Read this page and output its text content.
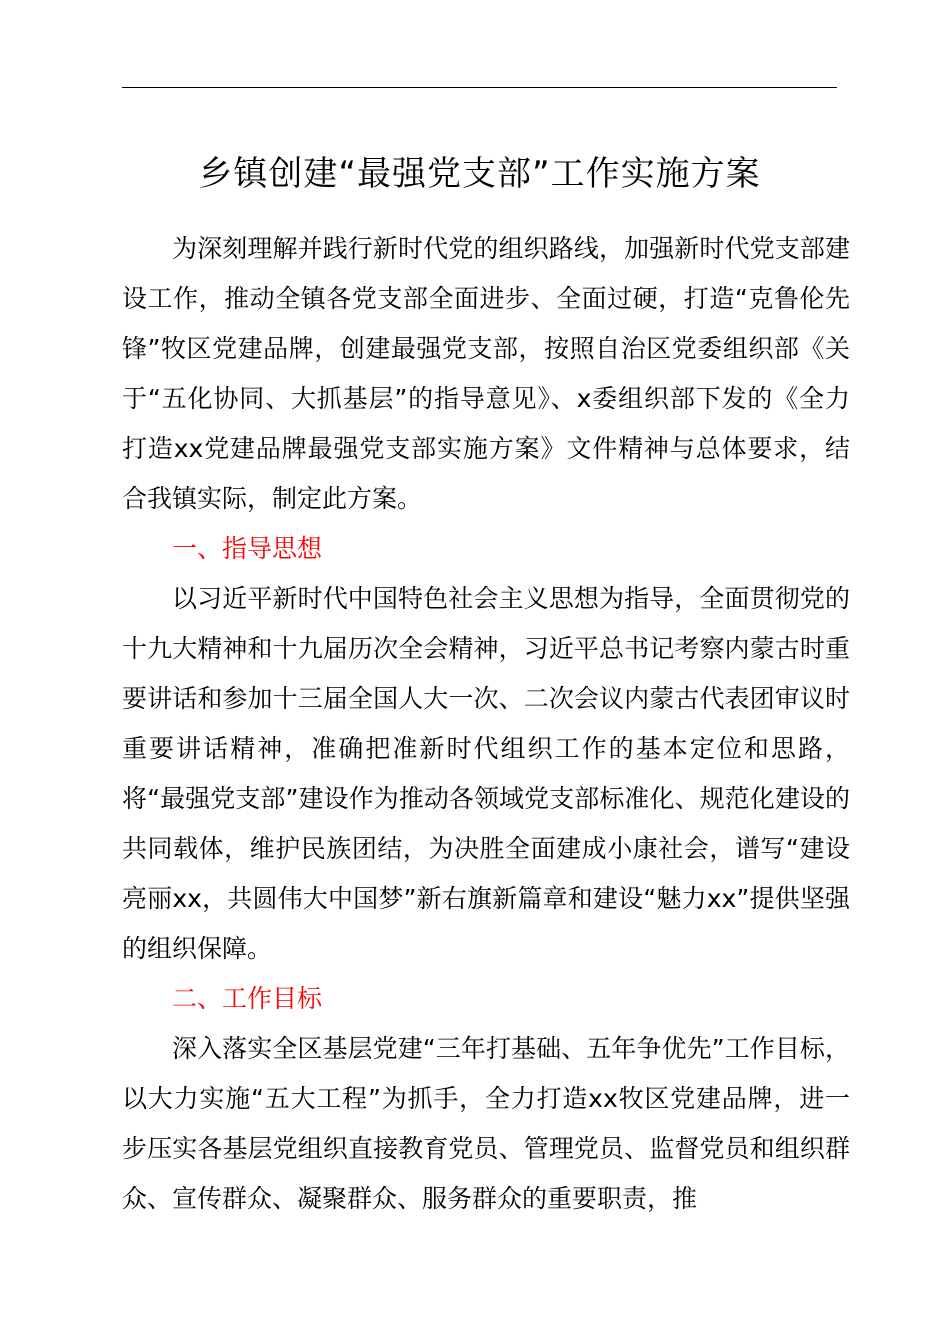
乡镇创建“最强党支部”工作实施方案

为深刻理解并践行新时代党的组织路线，加强新时代党支部建设工作，推动全镇各党支部全面进步、全面过硬，打造“克鲁伦先锋”牧区党建品牌，创建最强党支部，按照自治区党委组织部《关于“五化协同、大抓基层”的指导意见》、x委组织部下发的《全力打造xx党建品牌最强党支部实施方案》文件精神与总体要求，结合我镇实际，制定此方案。

一、指导思想

以习近平新时代中国特色社会主义思想为指导，全面贯彻党的十九大精神和十九届历次全会精神，习近平总书记考察内蒙古时重要讲话和参加十三届全国人大一次、二次会议内蒙古代表团审议时重要讲话精神，准确把准新时代组织工作的基本定位和思路，将“最强党支部”建设作为推动各领域党支部标准化、规范化建设的共同载体，维护民族团结，为决胜全面建成小康社会，谱写“建设亮丽xx，共圆伟大中国梦”新右旗新篇章和建设“魅力xx”提供坚强的组织保障。

二、工作目标

深入落实全区基层党建“三年打基础、五年争优先”工作目标，以大力实施“五大工程”为抓手，全力打造xx牧区党建品牌，进一步压实各基层党组织直接教育党员、管理党员、监督党员和组织群众、宣传群众、凝聚群众、服务群众的重要职责，推
